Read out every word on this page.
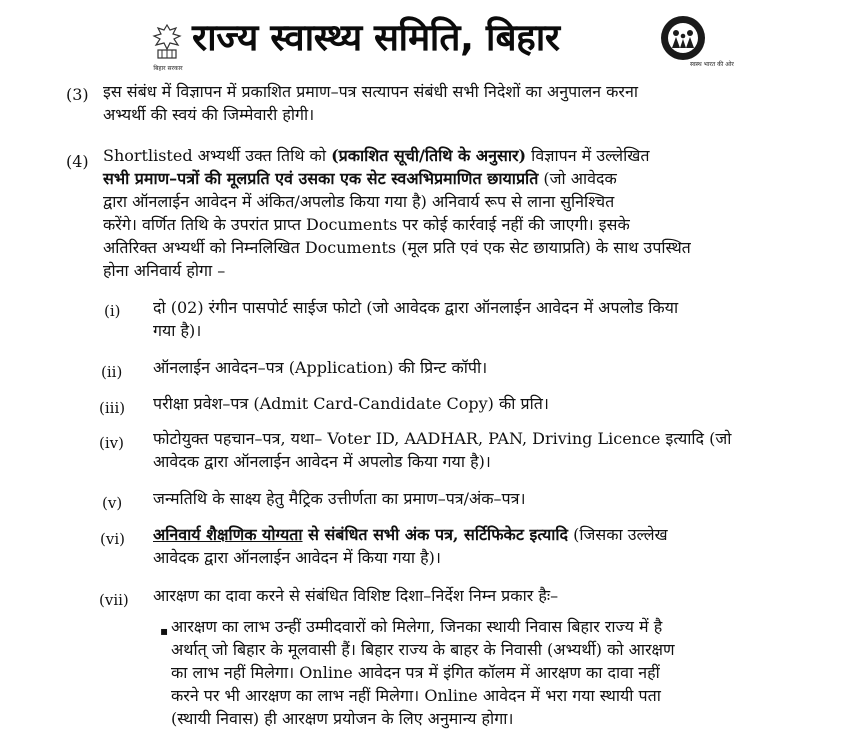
बिहार सरकार
राज्य स्वास्थ्य समिति, बिहार
स्वस्थ भारत की ओर
(3) इस संबंध में विज्ञापन में प्रकाशित प्रमाण–पत्र सत्यापन संबंधी सभी निदेशों का अनुपालन करना
अभ्यर्थी की स्वयं की जिम्मेवारी होगी।
(4) Shortlisted अभ्यर्थी उक्त तिथि को (प्रकाशित सूची/तिथि के अनुसार) विज्ञापन में उल्लेखित
सभी प्रमाण–पत्रों की मूलप्रति एवं उसका एक सेट स्वअभिप्रमाणित छायाप्रति (जो आवेदक
द्वारा ऑनलाईन आवेदन में अंकित/अपलोड किया गया है) अनिवार्य रूप से लाना सुनिश्चित
करेंगे। वर्णित तिथि के उपरांत प्राप्त Documents पर कोई कार्रवाई नहीं की जाएगी। इसके
अतिरिक्त अभ्यर्थी को निम्नलिखित Documents (मूल प्रति एवं एक सेट छायाप्रति) के साथ उपस्थित
होना अनिवार्य होगा –
(i) दो (02) रंगीन पासपोर्ट साईज फोटो (जो आवेदक द्वारा ऑनलाईन आवेदन में अपलोड किया
गया है)।
(ii) ऑनलाईन आवेदन–पत्र (Application) की प्रिन्ट कॉपी।
(iii) परीक्षा प्रवेश–पत्र (Admit Card-Candidate Copy) की प्रति।
(iv) फोटोयुक्त पहचान–पत्र, यथा– Voter ID, AADHAR, PAN, Driving Licence इत्यादि (जो
आवेदक द्वारा ऑनलाईन आवेदन में अपलोड किया गया है)।
(v) जन्मतिथि के साक्ष्य हेतु मैट्रिक उत्तीर्णता का प्रमाण–पत्र/अंक–पत्र।
(vi) अनिवार्य शैक्षणिक योग्यता से संबंधित सभी अंक पत्र, सर्टिफिकेट इत्यादि (जिसका उल्लेख
आवेदक द्वारा ऑनलाईन आवेदन में किया गया है)।
(vii) आरक्षण का दावा करने से संबंधित विशिष्ट दिशा–निर्देश निम्न प्रकार हैः–
▪ आरक्षण का लाभ उन्हीं उम्मीदवारों को मिलेगा, जिनका स्थायी निवास बिहार राज्य में है
अर्थात् जो बिहार के मूलवासी हैं। बिहार राज्य के बाहर के निवासी (अभ्यर्थी) को आरक्षण
का लाभ नहीं मिलेगा। Online आवेदन पत्र में इंगित कॉलम में आरक्षण का दावा नहीं
करने पर भी आरक्षण का लाभ नहीं मिलेगा। Online आवेदन में भरा गया स्थायी पता
(स्थायी निवास) ही आरक्षण प्रयोजन के लिए अनुमान्य होगा।
